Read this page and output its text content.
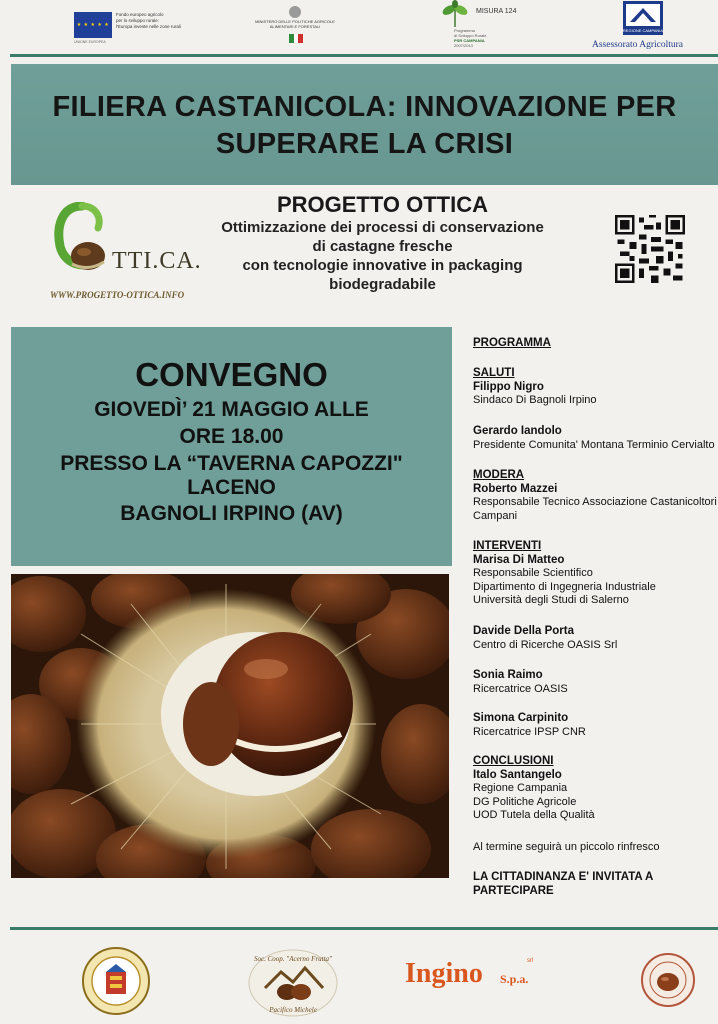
★ ★ ★ ★ ★
Fondo europeo agricolo
per lo sviluppo rurale:
l'Europa investe nelle zone rurali
UNIONE EUROPEA
MINISTERO DELLE POLITICHE AGRICOLE
ALIMENTARI E FORESTALI
MISURA 124
Programma
di Sviluppo Rurale
PSR CAMPANIA
2007/2013
REGIONE CAMPANIA
Assessorato Agricoltura
FILIERA CASTANICOLA: INNOVAZIONE PER
SUPERARE LA CRISI
TTI.CA.
WWW.PROGETTO-OTTICA.INFO
PROGETTO OTTICA
Ottimizzazione dei processi di conservazione
di castagne fresche
con tecnologie innovative in packaging
biodegradabile
CONVEGNO
GIOVEDÌ’ 21 MAGGIO ALLE
ORE 18.00
PRESSO LA “TAVERNA CAPOZZI"
LACENO
BAGNOLI IRPINO (AV)
PROGRAMMA
SALUTI
Filippo Nigro
Sindaco Di Bagnoli Irpino
Gerardo Iandolo
Presidente Comunita' Montana Terminio Cervialto
MODERA
Roberto Mazzei
Responsabile Tecnico Associazione Castanicoltori
Campani
INTERVENTI
Marisa Di Matteo
Responsabile Scientifico
Dipartimento di Ingegneria Industriale
Università degli Studi di Salerno
Davide Della Porta
Centro di Ricerche OASIS Srl
Sonia Raimo
Ricercatrice OASIS
Simona Carpinito
Ricercatrice IPSP CNR
CONCLUSIONI
Italo Santangelo
Regione Campania
DG Politiche Agricole
UOD Tutela della Qualità
Al termine seguirà un piccolo rinfresco
LA CITTADINANZA E' INVITATA A
PARTECIPARE
Soc. Coop. "Acerno Frutta"
Pacifico Michele
Ingino S.p.a.
srl
